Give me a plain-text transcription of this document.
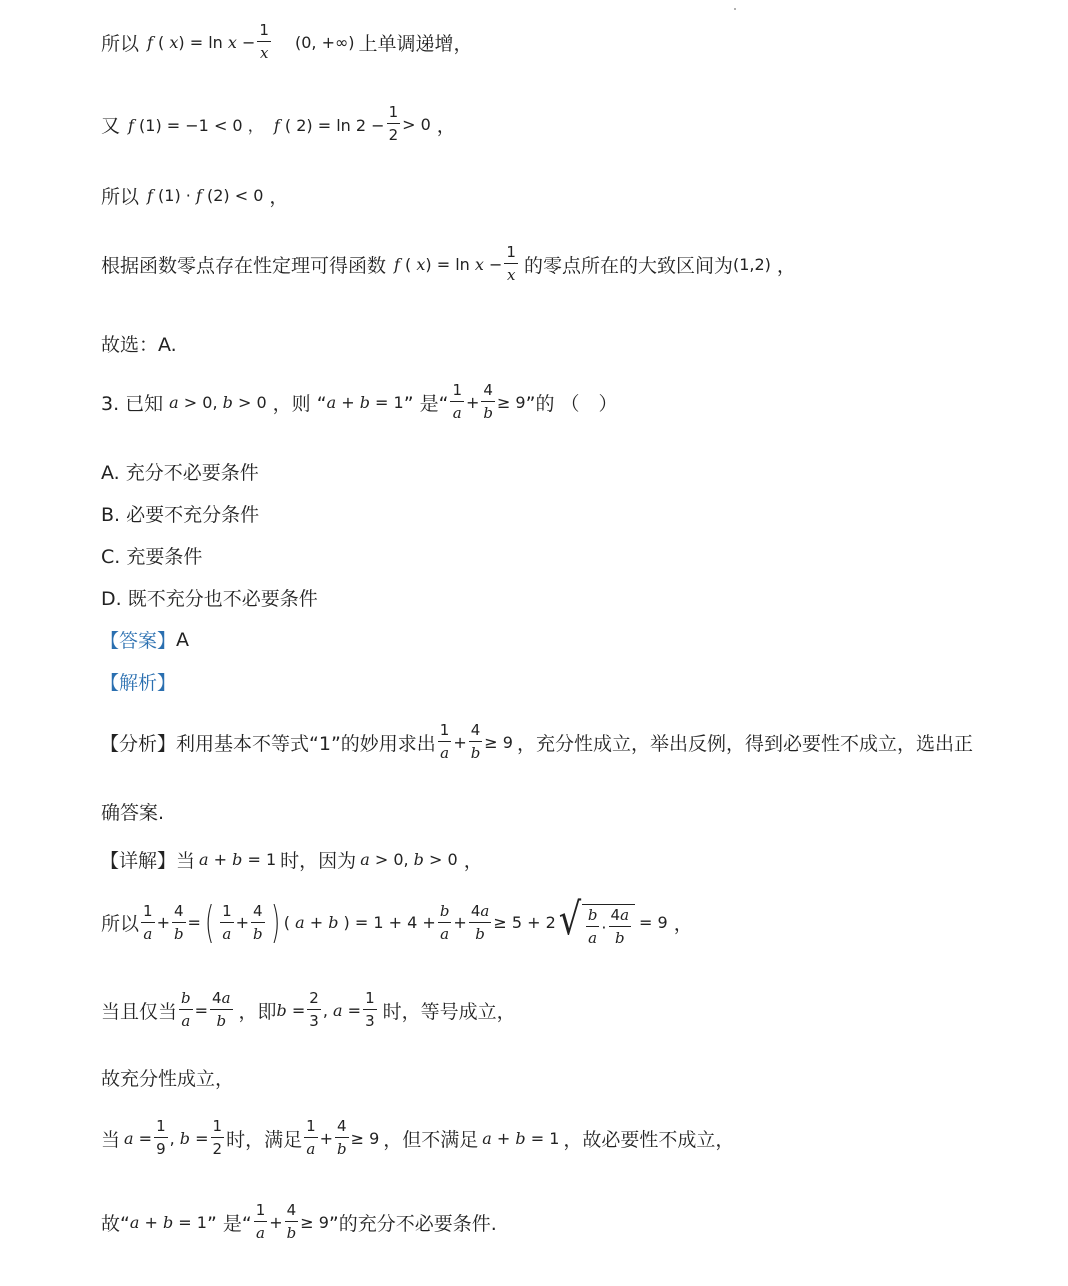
所以 f ( $x) = \ln x - \frac{1}{x} (0$, +∞) 上单调递增，
又 f (1) = −1 < 0 ，  f ( $2) = \ln 2 - \frac{1}{2} > 0$ ，
所以 f (1) · f (2) < 0 ，
根据函数零点存在性定理可得函数 f ( $x) = \ln x - \frac{1}{x}$ 的零点所在的大致区间为 (1,2) ，
故选：A.
3. 已知 a > 0, b > 0 ，则 “ a + b = 1 ” 是“ $\frac{1}{a} + \frac{4}{b} \ge 9$ ”的 （　）
A. 充分不必要条件
B. 必要不充分条件
C. 充要条件
D. 既不充分也不必要条件
【答案】 A
【解析】
【分析】 利用基本不等式“1”的妙用求出 $\frac{1}{a} + \frac{4}{b} \ge 9$ ，充分性成立，举出反例，得到必要性不成立，选出正
确答案.
【详解】 当 a + b = 1 时，因为 a > 0, b > 0 ，
所以 $\frac{1}{a} + \frac{4}{b}$ = ( $\frac{1}{a} + \frac{4}{b}$ ) ( a + b ) = $1 + 4 + \frac{b}{a} + \frac{4a}{b} \ge 5 + 2$ √ $\frac{b}{a} \cdot \frac{4a}{b} = 9$ ，
当且仅当 $\frac{b}{a} = \frac{4a}{b}$ ，即 $b = \frac{2}{3}$ , $a = \frac{1}{3}$ 时，等号成立，
故充分性成立，
当 $a = \frac{1}{9}$ , $b = \frac{1}{2}$ 时，满足 $\frac{1}{a} + \frac{4}{b} \ge 9$ ，但不满足 a + b = 1 ，故必要性不成立，
故“ a + b = 1 ” 是“ $\frac{1}{a} + \frac{4}{b} \ge 9$ ”的充分不必要条件.
